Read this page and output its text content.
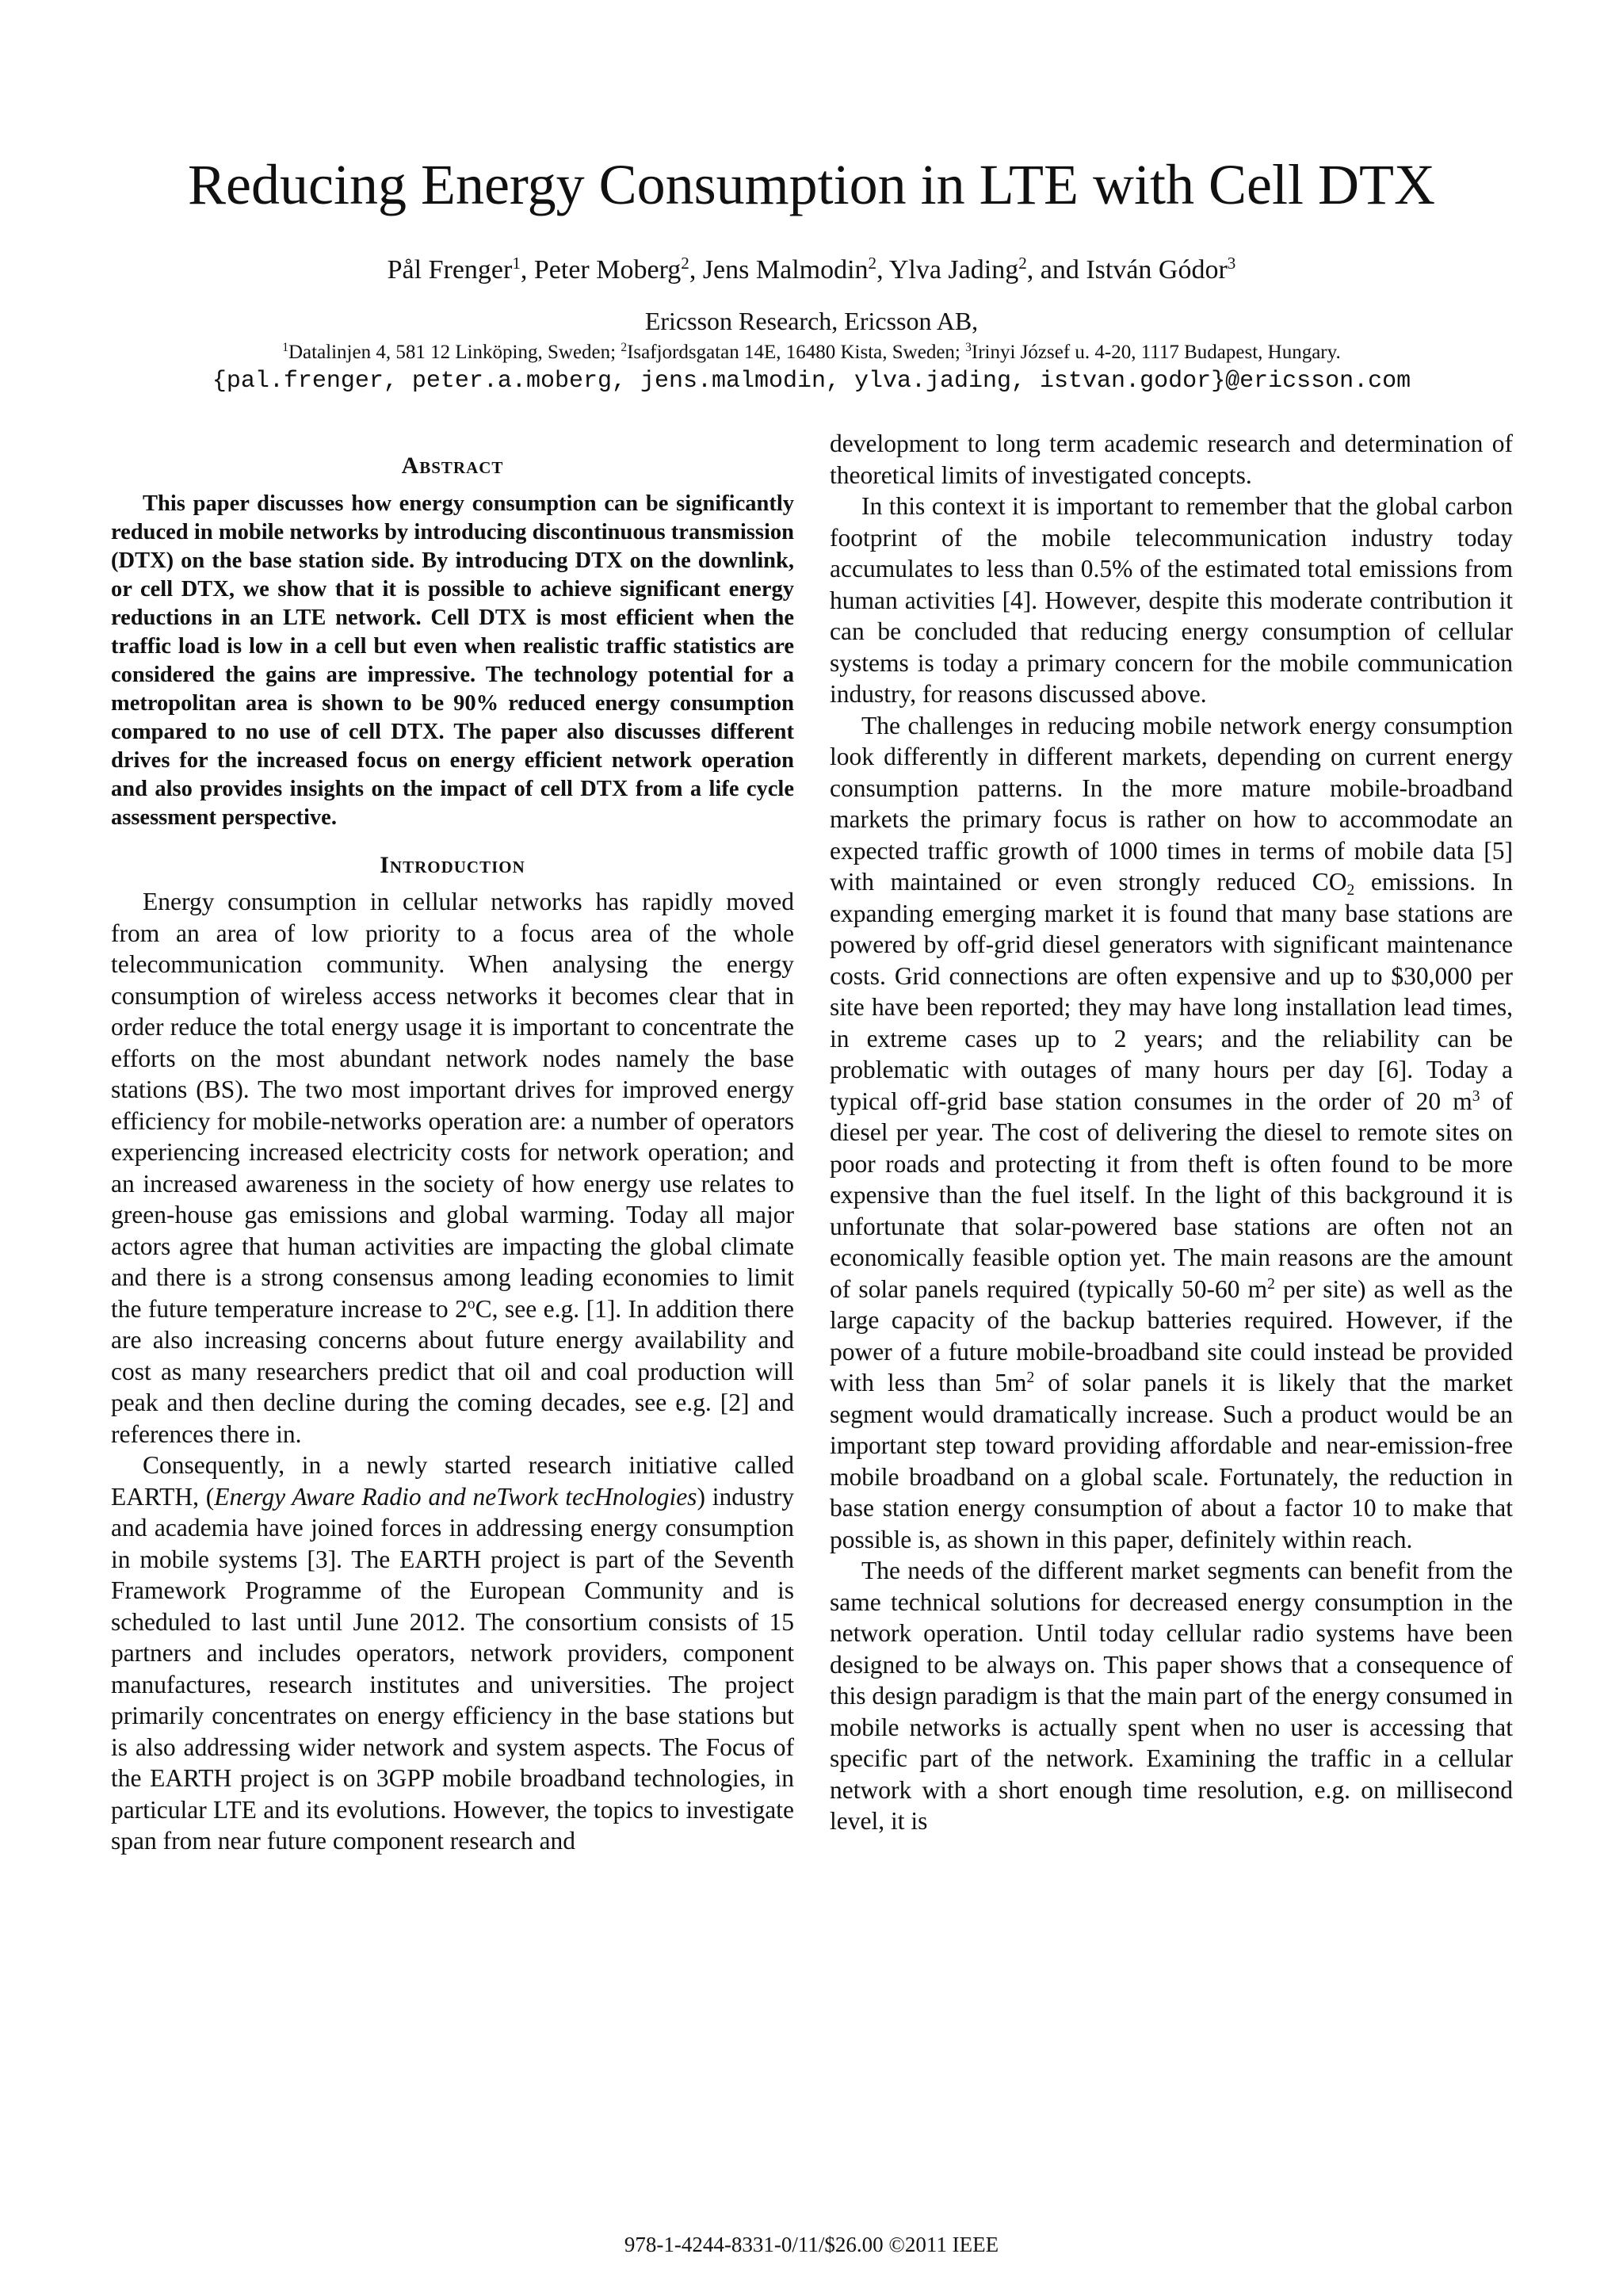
Reducing Energy Consumption in LTE with Cell DTX
Pål Frenger$^1$, Peter Moberg$^2$, Jens Malmodin$^2$, Ylva Jading$^2$, and István Gódor$^3$
Ericsson Research, Ericsson AB,
$^1$Datalinjen 4, 581 12 Linköping, Sweden; $^2$Isafjordsgatan 14E, 16480 Kista, Sweden; $^3$Irinyi József u. 4-20, 1117 Budapest, Hungary.
{pal.frenger, peter.a.moberg, jens.malmodin, ylva.jading, istvan.godor}@ericsson.com
Abstract

This paper discusses how energy consumption can be significantly reduced in mobile networks by introducing discontinuous transmission (DTX) on the base station side. By introducing DTX on the downlink, or cell DTX, we show that it is possible to achieve significant energy reductions in an LTE network. Cell DTX is most efficient when the traffic load is low in a cell but even when realistic traffic statistics are considered the gains are impressive. The technology potential for a metropolitan area is shown to be 90% reduced energy consumption compared to no use of cell DTX. The paper also discusses different drives for the increased focus on energy efficient network operation and also provides insights on the impact of cell DTX from a life cycle assessment perspective.

Introduction

Energy consumption in cellular networks has rapidly moved from an area of low priority to a focus area of the whole telecommunication community. When analysing the energy consumption of wireless access networks it becomes clear that in order reduce the total energy usage it is important to concentrate the efforts on the most abundant network nodes namely the base stations (BS). The two most important drives for improved energy efficiency for mobile-networks operation are: a number of operators experiencing increased electricity costs for network operation; and an increased awareness in the society of how energy use relates to green-house gas emissions and global warming. Today all major actors agree that human activities are impacting the global climate and there is a strong consensus among leading economies to limit the future temperature increase to 2$^o$C, see e.g. [1]. In addition there are also increasing concerns about future energy availability and cost as many researchers predict that oil and coal production will peak and then decline during the coming decades, see e.g. [2] and references there in.

Consequently, in a newly started research initiative called EARTH, (Energy Aware Radio and neTwork tecHnologies) industry and academia have joined forces in addressing energy consumption in mobile systems [3]. The EARTH project is part of the Seventh Framework Programme of the European Community and is scheduled to last until June 2012. The consortium consists of 15 partners and includes operators, network providers, component manufactures, research institutes and universities. The project primarily concentrates on energy efficiency in the base stations but is also addressing wider network and system aspects. The Focus of the EARTH project is on 3GPP mobile broadband technologies, in particular LTE and its evolutions. However, the topics to investigate span from near future component research and

development to long term academic research and determination of theoretical limits of investigated concepts.

In this context it is important to remember that the global carbon footprint of the mobile telecommunication industry today accumulates to less than 0.5% of the estimated total emissions from human activities [4]. However, despite this moderate contribution it can be concluded that reducing energy consumption of cellular systems is today a primary concern for the mobile communication industry, for reasons discussed above.

The challenges in reducing mobile network energy consumption look differently in different markets, depending on current energy consumption patterns. In the more mature mobile-broadband markets the primary focus is rather on how to accommodate an expected traffic growth of 1000 times in terms of mobile data [5] with maintained or even strongly reduced $CO_2$ emissions. In expanding emerging market it is found that many base stations are powered by off-grid diesel generators with significant maintenance costs. Grid connections are often expensive and up to $30,000 per site have been reported; they may have long installation lead times, in extreme cases up to 2 years; and the reliability can be problematic with outages of many hours per day [6]. Today a typical off-grid base station consumes in the order of 20 $m^3$ of diesel per year. The cost of delivering the diesel to remote sites on poor roads and protecting it from theft is often found to be more expensive than the fuel itself. In the light of this background it is unfortunate that solar-powered base stations are often not an economically feasible option yet. The main reasons are the amount of solar panels required (typically 50-60 $m^2$ per site) as well as the large capacity of the backup batteries required. However, if the power of a future mobile-broadband site could instead be provided with less than $5m^2$ of solar panels it is likely that the market segment would dramatically increase. Such a product would be an important step toward providing affordable and near-emission-free mobile broadband on a global scale. Fortunately, the reduction in base station energy consumption of about a factor 10 to make that possible is, as shown in this paper, definitely within reach.

The needs of the different market segments can benefit from the same technical solutions for decreased energy consumption in the network operation. Until today cellular radio systems have been designed to be always on. This paper shows that a consequence of this design paradigm is that the main part of the energy consumed in mobile networks is actually spent when no user is accessing that specific part of the network. Examining the traffic in a cellular network with a short enough time resolution, e.g. on millisecond level, it is

978-1-4244-8331-0/11/$26.00 ©2011 IEEE
